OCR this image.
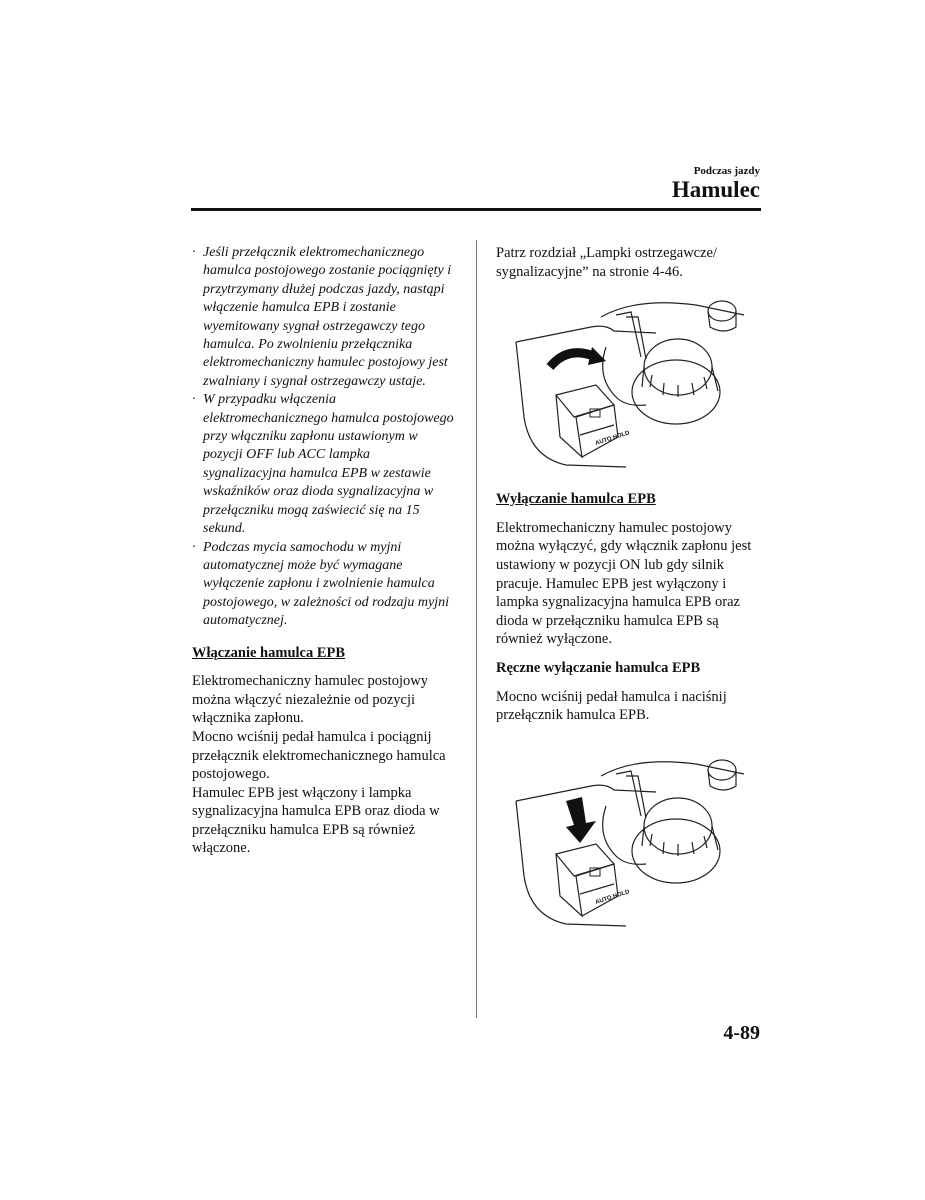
Podczas jazdy
Hamulec
· Jeśli przełącznik elektromechanicznego hamulca postojowego zostanie pociągnięty i przytrzymany dłużej podczas jazdy, nastąpi włączenie hamulca EPB i zostanie wyemitowany sygnał ostrzegawczy tego hamulca. Po zwolnieniu przełącznika elektromechaniczny hamulec postojowy jest zwalniany i sygnał ostrzegawczy ustaje.
· W przypadku włączenia elektromechanicznego hamulca postojowego przy włączniku zapłonu ustawionym w pozycji OFF lub ACC lampka sygnalizacyjna hamulca EPB w zestawie wskaźników oraz dioda sygnalizacyjna w przełączniku mogą zaświecić się na 15 sekund.
· Podczas mycia samochodu w myjni automatycznej może być wymagane wyłączenie zapłonu i zwolnienie hamulca postojowego, w zależności od rodzaju myjni automatycznej.
Włączanie hamulca EPB

Elektromechaniczny hamulec postojowy można włączyć niezależnie od pozycji włącznika zapłonu.

Mocno wciśnij pedał hamulca i pociągnij przełącznik elektromechanicznego hamulca postojowego.

Hamulec EPB jest włączony i lampka sygnalizacyjna hamulca EPB oraz dioda w przełączniku hamulca EPB są również włączone.

Patrz rozdział „Lampki ostrzegawcze/ sygnalizacyjne” na stronie 4-46.

AUTO HOLD
Wyłączanie hamulca EPB

Elektromechaniczny hamulec postojowy można wyłączyć, gdy włącznik zapłonu jest ustawiony w pozycji ON lub gdy silnik pracuje. Hamulec EPB jest wyłączony i lampka sygnalizacyjna hamulca EPB oraz dioda w przełączniku hamulca EPB są również wyłączone.

Ręczne wyłączanie hamulca EPB

Mocno wciśnij pedał hamulca i naciśnij przełącznik hamulca EPB.

AUTO HOLD
4-89
